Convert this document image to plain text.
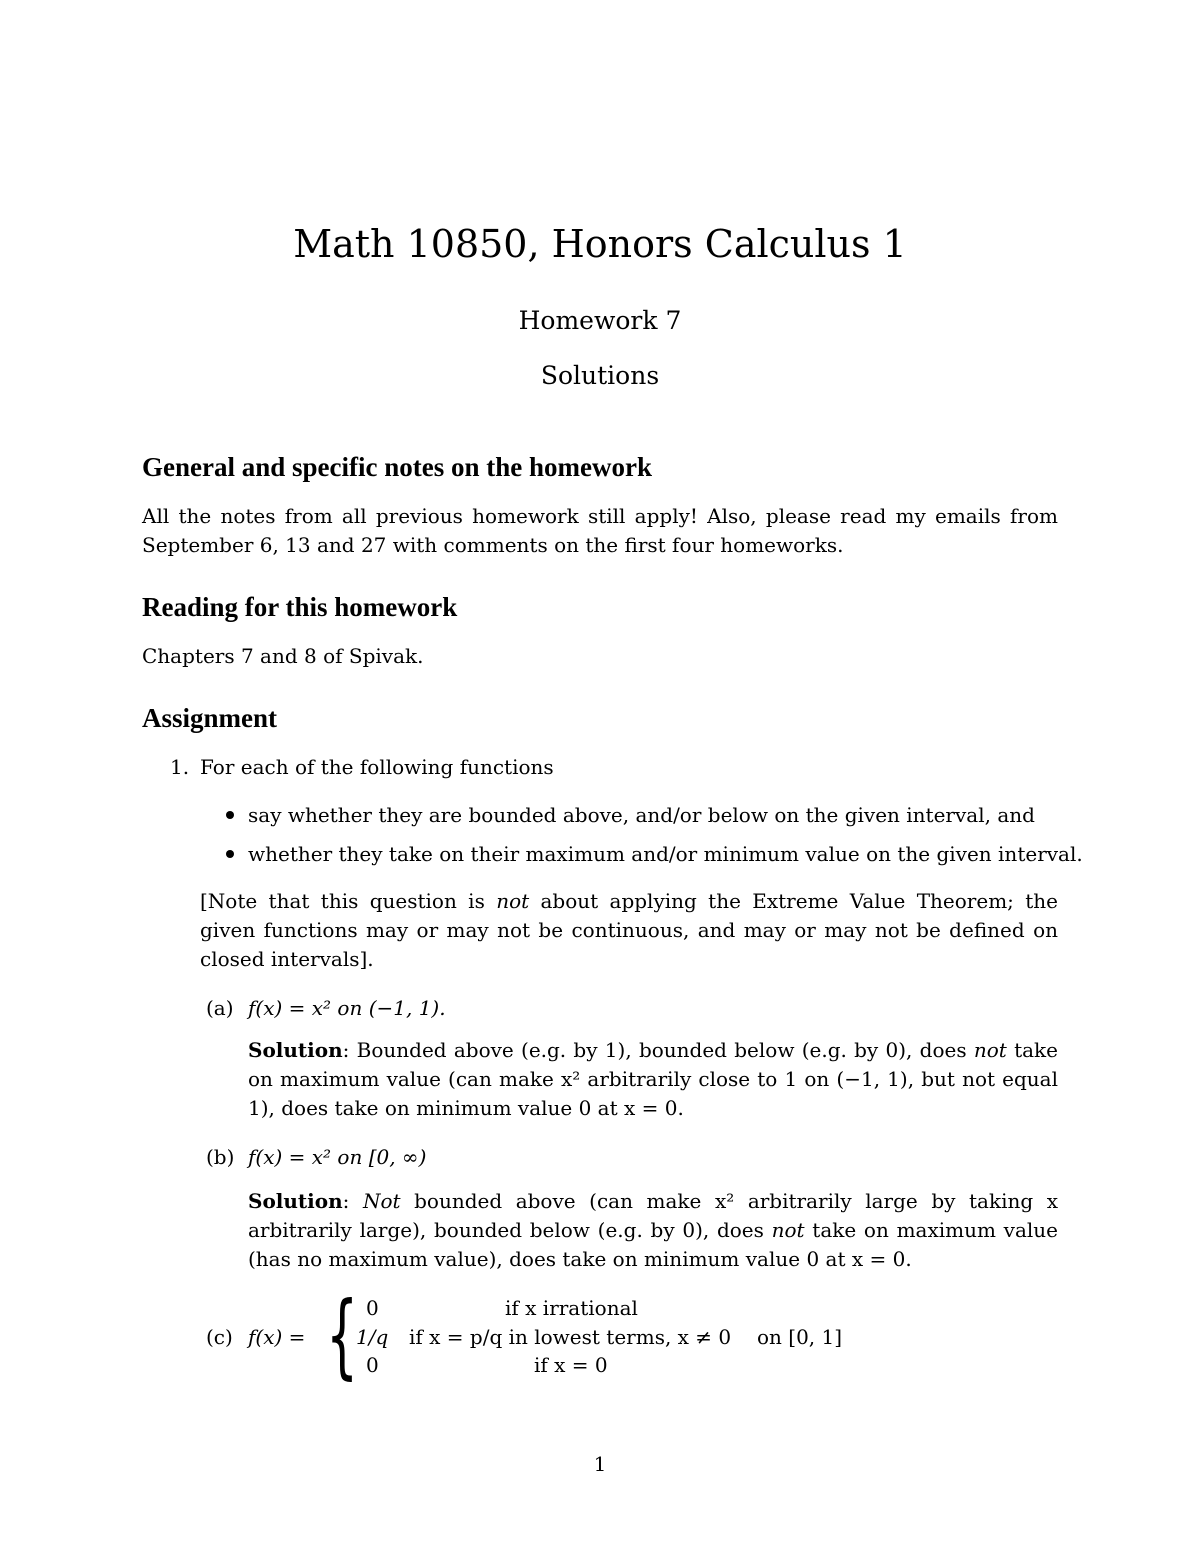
Math 10850, Honors Calculus 1
Homework 7
Solutions
General and specific notes on the homework
All the notes from all previous homework still apply! Also, please read my emails from
September 6, 13 and 27 with comments on the first four homeworks.
Reading for this homework
Chapters 7 and 8 of Spivak.
Assignment
1. For each of the following functions
say whether they are bounded above, and/or below on the given interval, and
whether they take on their maximum and/or minimum value on the given interval.
[Note that this question is not about applying the Extreme Value Theorem; the given functions may or may not be continuous, and may or may not be defined on closed intervals].
(a) f(x) = x² on (−1, 1).
Solution: Bounded above (e.g. by 1), bounded below (e.g. by 0), does not take on maximum value (can make x² arbitrarily close to 1 on (−1, 1), but not equal 1), does take on minimum value 0 at x = 0.
(b) f(x) = x² on [0, ∞)
Solution: Not bounded above (can make x² arbitrarily large by taking x arbitrarily large), bounded below (e.g. by 0), does not take on maximum value (has no maximum value), does take on minimum value 0 at x = 0.
(c) f(x) = { 0	if x irrational
1/q if x = p/q in lowest terms, x ≠ 0
0	if x = 0
on [0, 1]
1
